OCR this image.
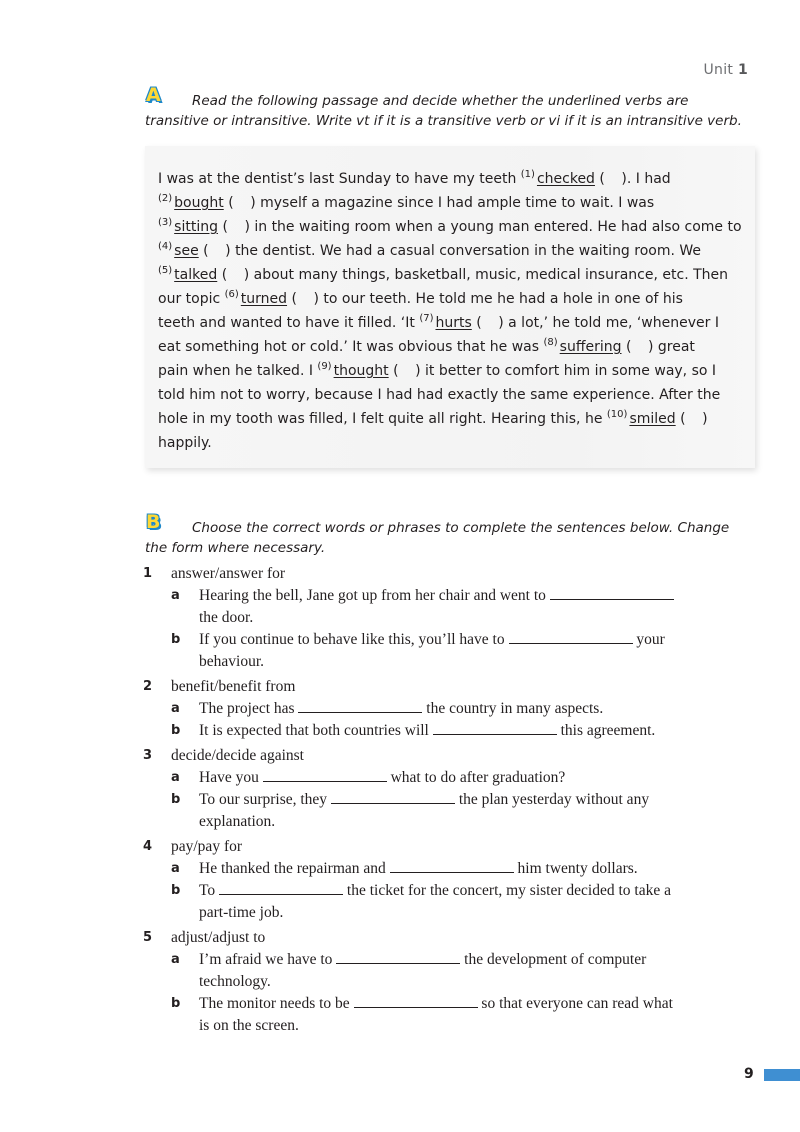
Unit 1
A	Read the following passage and decide whether the underlined verbs are transitive or intransitive. Write vt if it is a transitive verb or vi if it is an intransitive verb.
I was at the dentist’s last Sunday to have my teeth $^{(1)}$ checked ( ). I had
$^{(2)}$ bought ( ) myself a magazine since I had ample time to wait. I was
$^{(3)}$ sitting ( ) in the waiting room when a young man entered. He had also come to
$^{(4)}$ see ( ) the dentist. We had a casual conversation in the waiting room. We
$^{(5)}$ talked ( ) about many things, basketball, music, medical insurance, etc. Then
our topic $^{(6)}$ turned ( ) to our teeth. He told me he had a hole in one of his
teeth and wanted to have it filled. ‘It $^{(7)}$ hurts ( ) a lot,’ he told me, ‘whenever I
eat something hot or cold.’ It was obvious that he was $^{(8)}$ suffering ( ) great
pain when he talked. I $^{(9)}$ thought ( ) it better to comfort him in some way, so I
told him not to worry, because I had had exactly the same experience. After the
hole in my tooth was filled, I felt quite all right. Hearing this, he $^{(10)}$ smiled ( )
happily.
B	Choose the correct words or phrases to complete the sentences below. Change the form where necessary.
1	answer/answer for
a	Hearing the bell, Jane got up from her chair and went to
the door.
b	If you continue to behave like this, you’ll have to	your
behaviour.
2	benefit/benefit from
a	The project has	the country in many aspects.
b	It is expected that both countries will	this agreement.
3	decide/decide against
a	Have you	what to do after graduation?
b	To our surprise, they	the plan yesterday without any
explanation.
4	pay/pay for
a	He thanked the repairman and	him twenty dollars.
b	To	the ticket for the concert, my sister decided to take a
part-time job.
5	adjust/adjust to
a	I’m afraid we have to	the development of computer
technology.
b	The monitor needs to be	so that everyone can read what
is on the screen.
9
